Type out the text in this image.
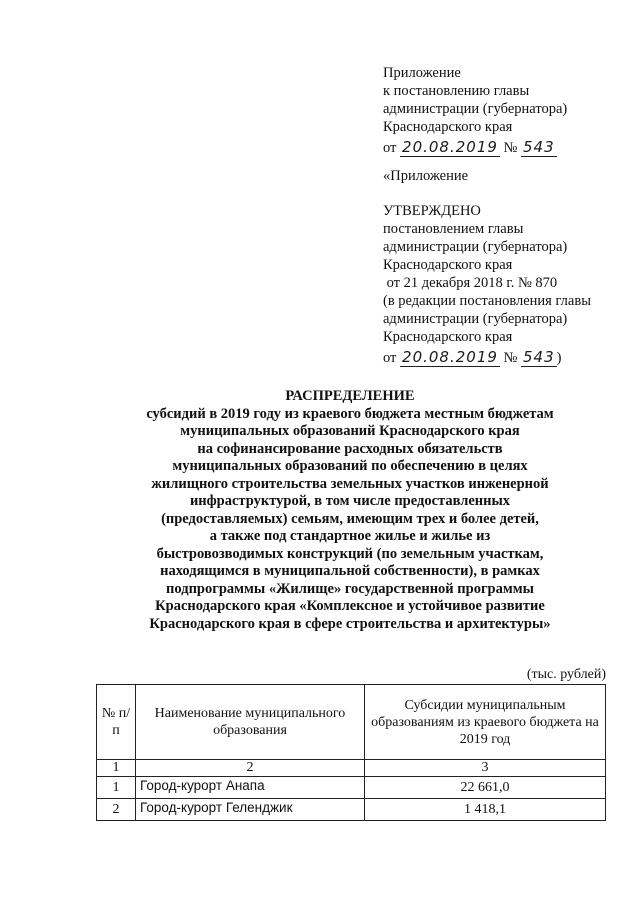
Приложение
к постановлению главы
администрации (губернатора)
Краснодарского края
от 20.08.2019 № 543
«Приложение
УТВЕРЖДЕНО
постановлением главы
администрации (губернатора)
Краснодарского края
от 21 декабря 2018 г. № 870
(в редакции постановления главы
администрации (губернатора)
Краснодарского края
от 20.08.2019 № 543 )
РАСПРЕДЕЛЕНИЕ
субсидий в 2019 году из краевого бюджета местным бюджетам
муниципальных образований Краснодарского края
на софинансирование расходных обязательств
муниципальных образований по обеспечению в целях
жилищного строительства земельных участков инженерной
инфраструктурой, в том числе предоставленных
(предоставляемых) семьям, имеющим трех и более детей,
а также под стандартное жилье и жилье из
быстровозводимых конструкций (по земельным участкам,
находящимся в муниципальной собственности), в рамках
подпрограммы «Жилище» государственной программы
Краснодарского края «Комплексное и устойчивое развитие
Краснодарского края в сфере строительства и архитектуры»
(тыс. рублей)
№ п/п	Наименование муниципального образования	Субсидии муниципальным образованиям из краевого бюджета на 2019 год
1	2	3
1	Город-курорт Анапа	22 661,0
2	Город-курорт Геленджик	1 418,1
